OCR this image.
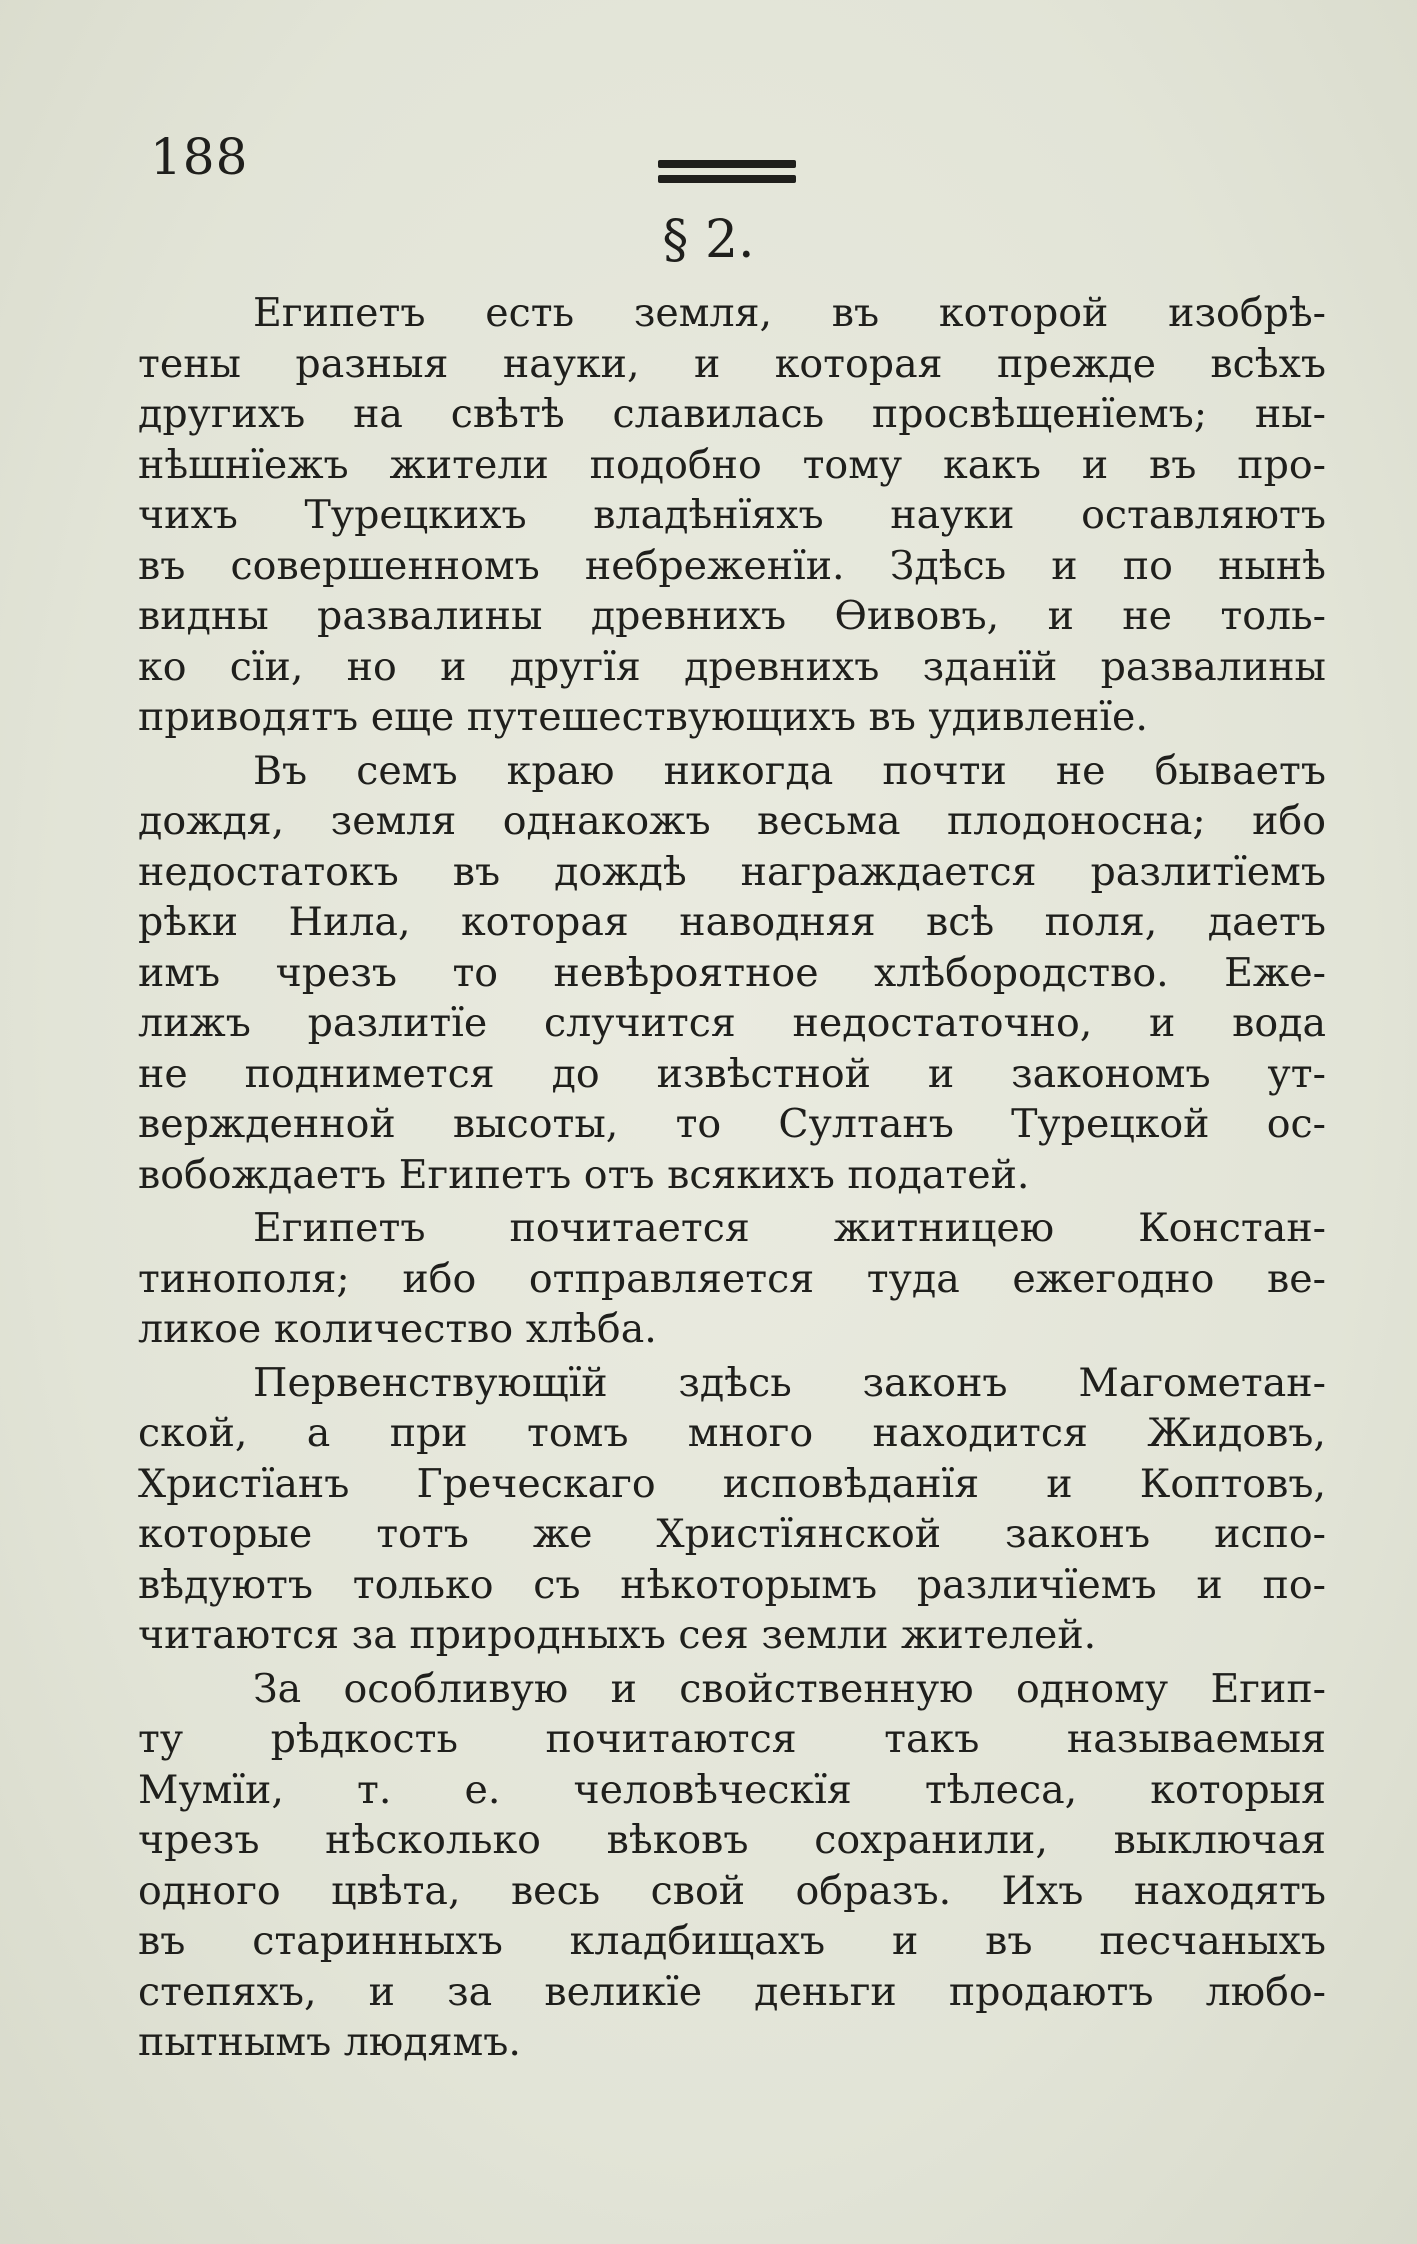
188
§ 2.
Египетъ есть земля, въ которой изобрѣ-
тены разныя науки, и которая прежде всѣхъ
другихъ на свѣтѣ славилась просвѣщенїемъ; ны-
нѣшнїежъ жители подобно тому какъ и въ про-
чихъ Турецкихъ владѣнїяхъ науки оставляютъ
въ совершенномъ небреженїи. Здѣсь и по нынѣ
видны развалины древнихъ Ѳивовъ, и не толь-
ко сїи, но и другїя древнихъ зданїй развалины
приводятъ еще путешествующихъ въ удивленїе.
Въ семъ краю никогда почти не бываетъ
дождя, земля однакожъ весьма плодоносна; ибо
недостатокъ въ дождѣ награждается разлитїемъ
рѣки Нила, которая наводняя всѣ поля, даетъ
имъ чрезъ то невѣроятное хлѣбородство. Еже-
лижъ разлитїе случится недостаточно, и вода
не поднимется до извѣстной и закономъ ут-
вержденной высоты, то Султанъ Турецкой ос-
вобождаетъ Египетъ отъ всякихъ податей.
Египетъ почитается житницею Констан-
тинополя; ибо отправляется туда ежегодно ве-
ликое количество хлѣба.
Первенствующїй здѣсь законъ Магометан-
ской, а при томъ много находится Жидовъ,
Христїанъ Греческаго исповѣданїя и Коптовъ,
которые тотъ же Христїянской законъ испо-
вѣдуютъ только съ нѣкоторымъ различїемъ и по-
читаются за природныхъ сея земли жителей.
За особливую и свойственную одному Егип-
ту рѣдкость почитаются такъ называемыя
Мумїи, т. е. человѣческїя тѣлеса, которыя
чрезъ нѣсколько вѣковъ сохранили, выключая
одного цвѣта, весь свой образъ. Ихъ находятъ
въ старинныхъ кладбищахъ и въ песчаныхъ
степяхъ, и за великїе деньги продаютъ любо-
пытнымъ людямъ.
